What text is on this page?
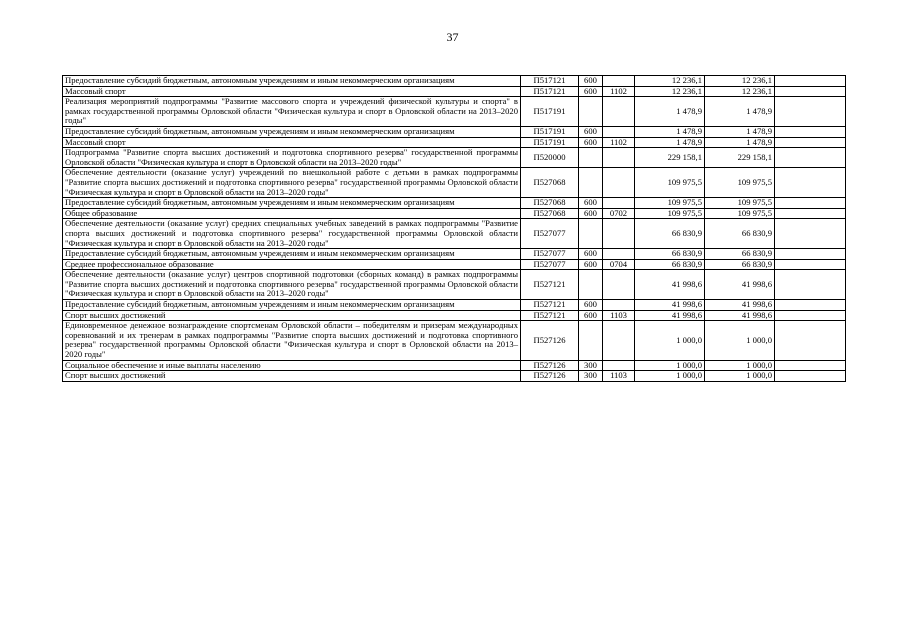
37
Предоставление субсидий бюджетным, автономным учреждениям и иным некоммерческим организациям	П517121	600		12 236,1	12 236,1	
Массовый спорт	П517121	600	1102	12 236,1	12 236,1	
Реализация мероприятий подпрограммы "Развитие массового спорта и учреждений физической культуры и спорта" в рамках государственной программы Орловской области "Физическая культура и спорт в Орловской области на 2013–2020 годы"	П517191			1 478,9	1 478,9	
Предоставление субсидий бюджетным, автономным учреждениям и иным некоммерческим организациям	П517191	600		1 478,9	1 478,9	
Массовый спорт	П517191	600	1102	1 478,9	1 478,9	
Подпрограмма "Развитие спорта высших достижений и подготовка спортивного резерва" государственной программы Орловской области "Физическая культура и спорт в Орловской области на 2013–2020 годы"	П520000			229 158,1	229 158,1	
Обеспечение деятельности (оказание услуг) учреждений по внешкольной работе с детьми в рамках подпрограммы "Развитие спорта высших достижений и подготовка спортивного резерва" государственной программы Орловской области "Физическая культура и спорт в Орловской области на 2013–2020 годы"	П527068			109 975,5	109 975,5	
Предоставление субсидий бюджетным, автономным учреждениям и иным некоммерческим организациям	П527068	600		109 975,5	109 975,5	
Общее образование	П527068	600	0702	109 975,5	109 975,5	
Обеспечение деятельности (оказание услуг) средних специальных учебных заведений в рамках подпрограммы "Развитие спорта высших достижений и подготовка спортивного резерва" государственной программы Орловской области "Физическая культура и спорт в Орловской области на 2013–2020 годы"	П527077			66 830,9	66 830,9	
Предоставление субсидий бюджетным, автономным учреждениям и иным некоммерческим организациям	П527077	600		66 830,9	66 830,9	
Среднее профессиональное образование	П527077	600	0704	66 830,9	66 830,9	
Обеспечение деятельности (оказание услуг) центров спортивной подготовки (сборных команд) в рамках подпрограммы "Развитие спорта высших достижений и подготовка спортивного резерва" государственной программы Орловской области "Физическая культура и спорт в Орловской области на 2013–2020 годы"	П527121			41 998,6	41 998,6	
Предоставление субсидий бюджетным, автономным учреждениям и иным некоммерческим организациям	П527121	600		41 998,6	41 998,6	
Спорт высших достижений	П527121	600	1103	41 998,6	41 998,6	
Единовременное денежное вознаграждение спортсменам Орловской области – победителям и призерам международных соревнований и их тренерам в рамках подпрограммы "Развитие спорта высших достижений и подготовка спортивного резерва" государственной программы Орловской области "Физическая культура и спорт в Орловской области на 2013–2020 годы"	П527126			1 000,0	1 000,0	
Социальное обеспечение и иные выплаты населению	П527126	300		1 000,0	1 000,0	
Спорт высших достижений	П527126	300	1103	1 000,0	1 000,0	
